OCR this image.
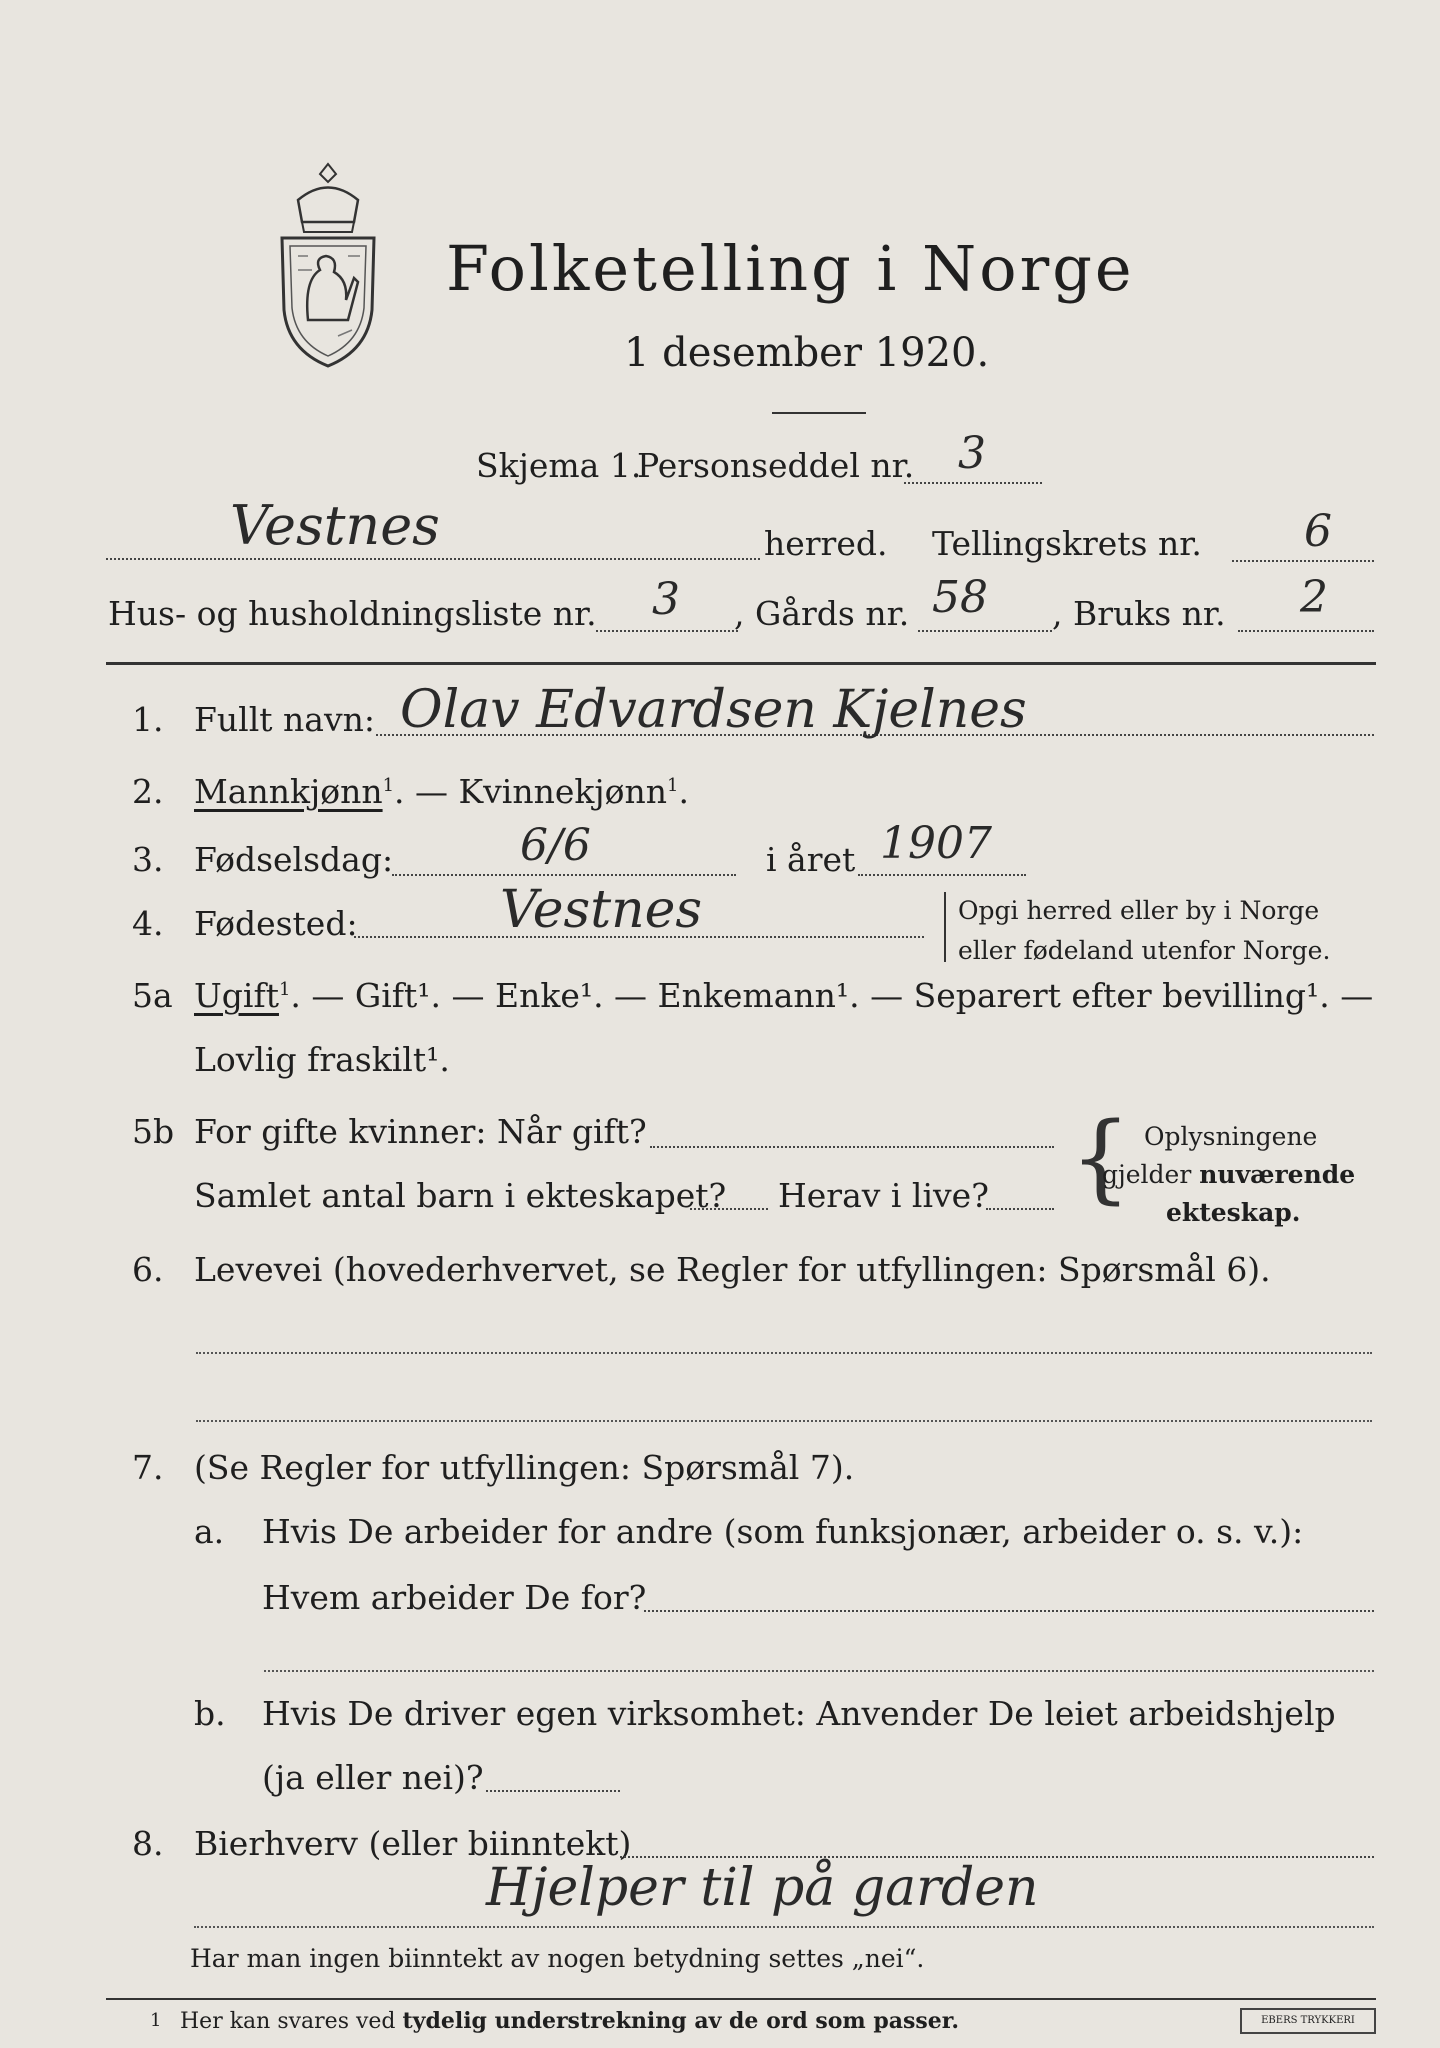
Folketelling i Norge
1 desember 1920.
Skjema 1.
Personseddel nr. 3
Vestnes	herred. Tellingskrets nr. 6
Hus- og husholdningsliste nr. 3 , Gårds nr. 58 , Bruks nr. 2
1. Fullt navn: Olav Edvardsen Kjelnes
2. Mannkjønn$^1$. — Kvinnekjønn$^1$.
3. Fødselsdag:	6/6	i året 1907
4. Fødested:	Vestnes	Opgi herred eller by i Norge
eller fødeland utenfor Norge.
5a Ugift$^1$. — Gift¹. — Enke¹. — Enkemann¹. — Separert efter bevilling¹. —
Lovlig fraskilt¹.
5b For gifte kvinner: Når gift?
Samlet antal barn i ekteskapet? Herav i live? { Oplysningene
gjelder nuværende
ekteskap.
6. Levevei (hovederhvervet, se Regler for utfyllingen: Spørsmål 6).
7. (Se Regler for utfyllingen: Spørsmål 7).
a. Hvis De arbeider for andre (som funksjonær, arbeider o. s. v.):
Hvem arbeider De for?
b. Hvis De driver egen virksomhet: Anvender De leiet arbeidshjelp
(ja eller nei)?
8. Bierhverv (eller biinntekt)
Hjelper til på garden
Har man ingen biinntekt av nogen betydning settes „nei“.
1 Her kan svares ved tydelig understrekning av de ord som passer.	EBERS TRYKKERI
